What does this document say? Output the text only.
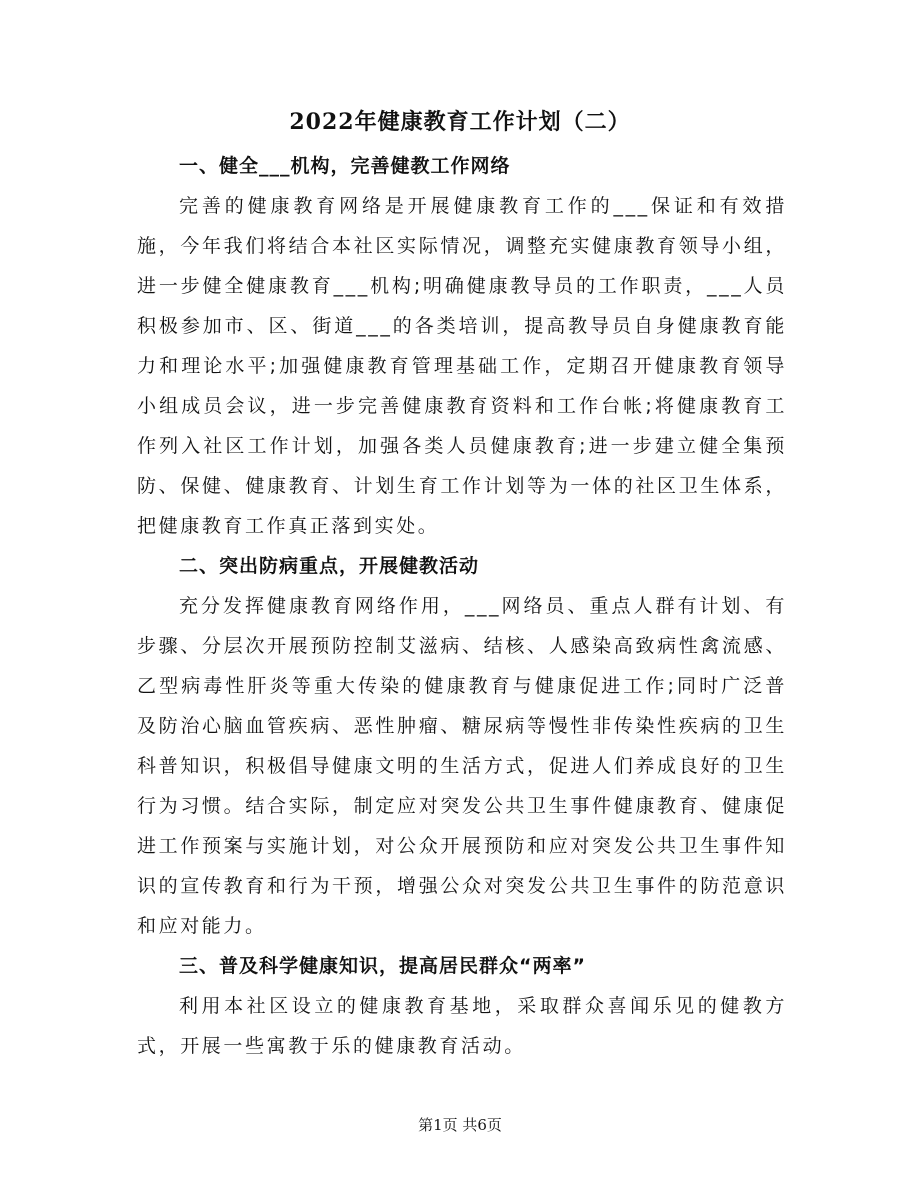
2022年健康教育工作计划（二）
一、健全___机构，完善健教工作网络

完善的健康教育网络是开展健康教育工作的___保证和有效措施，今年我们将结合本社区实际情况，调整充实健康教育领导小组，进一步健全健康教育___机构;明确健康教导员的工作职责，___人员积极参加市、区、街道___的各类培训，提高教导员自身健康教育能力和理论水平;加强健康教育管理基础工作，定期召开健康教育领导小组成员会议，进一步完善健康教育资料和工作台帐;将健康教育工作列入社区工作计划，加强各类人员健康教育;进一步建立健全集预防、保健、健康教育、计划生育工作计划等为一体的社区卫生体系，把健康教育工作真正落到实处。

二、突出防病重点，开展健教活动

充分发挥健康教育网络作用，___网络员、重点人群有计划、有步骤、分层次开展预防控制艾滋病、结核、人感染高致病性禽流感、乙型病毒性肝炎等重大传染的健康教育与健康促进工作;同时广泛普及防治心脑血管疾病、恶性肿瘤、糖尿病等慢性非传染性疾病的卫生科普知识，积极倡导健康文明的生活方式，促进人们养成良好的卫生行为习惯。结合实际，制定应对突发公共卫生事件健康教育、健康促进工作预案与实施计划，对公众开展预防和应对突发公共卫生事件知识的宣传教育和行为干预，增强公众对突发公共卫生事件的防范意识和应对能力。

三、普及科学健康知识，提高居民群众“两率”

利用本社区设立的健康教育基地，采取群众喜闻乐见的健教方式，开展一些寓教于乐的健康教育活动。

第1页 共6页
